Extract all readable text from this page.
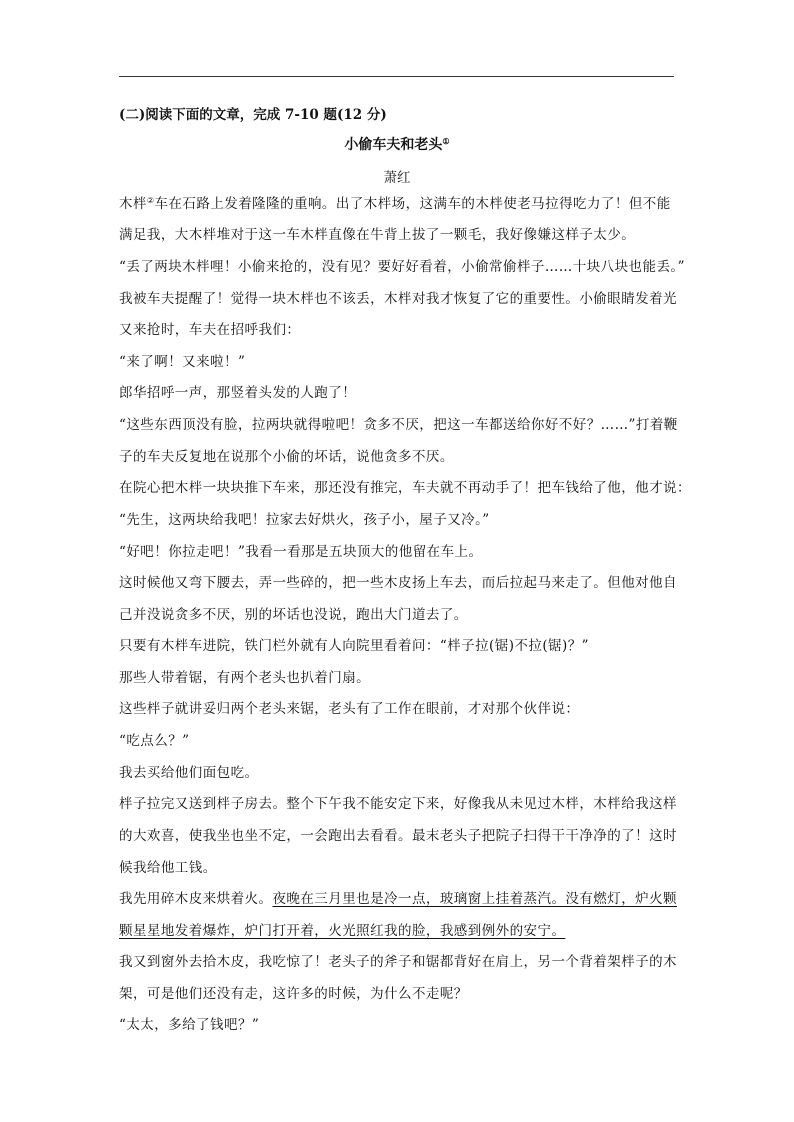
(二)阅读下面的文章，完成 7-10 题(12 分)
小偷车夫和老头①
萧红
木柈②车在石路上发着隆隆的重响。出了木柈场，这满车的木柈使老马拉得吃力了！但不能
满足我，大木柈堆对于这一车木柈直像在牛背上拔了一颗毛，我好像嫌这样子太少。
“丢了两块木柈哩！小偷来抢的，没有见？要好好看着，小偷常偷柈子……十块八块也能丢。”
我被车夫提醒了！觉得一块木柈也不该丢，木柈对我才恢复了它的重要性。小偷眼睛发着光
又来抢时，车夫在招呼我们：
“来了啊！又来啦！”
郎华招呼一声，那竖着头发的人跑了！
“这些东西顶没有脸，拉两块就得啦吧！贪多不厌，把这一车都送给你好不好？……”打着鞭
子的车夫反复地在说那个小偷的坏话，说他贪多不厌。
在院心把木柈一块块推下车来，那还没有推完，车夫就不再动手了！把车钱给了他，他才说：
“先生，这两块给我吧！拉家去好烘火，孩子小，屋子又冷。”
“好吧！你拉走吧！”我看一看那是五块顶大的他留在车上。
这时候他又弯下腰去，弄一些碎的，把一些木皮扬上车去，而后拉起马来走了。但他对他自
己并没说贪多不厌，别的坏话也没说，跑出大门道去了。
只要有木柈车进院，铁门栏外就有人向院里看着问：“柈子拉(锯)不拉(锯)？”
那些人带着锯，有两个老头也扒着门扇。
这些柈子就讲妥归两个老头来锯，老头有了工作在眼前，才对那个伙伴说：
“吃点么？”
我去买给他们面包吃。
柈子拉完又送到柈子房去。整个下午我不能安定下来，好像我从未见过木柈，木柈给我这样
的大欢喜，使我坐也坐不定，一会跑出去看看。最末老头子把院子扫得干干净净的了！这时
候我给他工钱。
我先用碎木皮来烘着火。夜晚在三月里也是冷一点，玻璃窗上挂着蒸汽。没有燃灯，炉火颗
颗星星地发着爆炸，炉门打开着，火光照红我的脸，我感到例外的安宁。
我又到窗外去拾木皮，我吃惊了！老头子的斧子和锯都背好在肩上，另一个背着架柈子的木
架，可是他们还没有走，这许多的时候，为什么不走呢？
“太太，多给了钱吧？”
